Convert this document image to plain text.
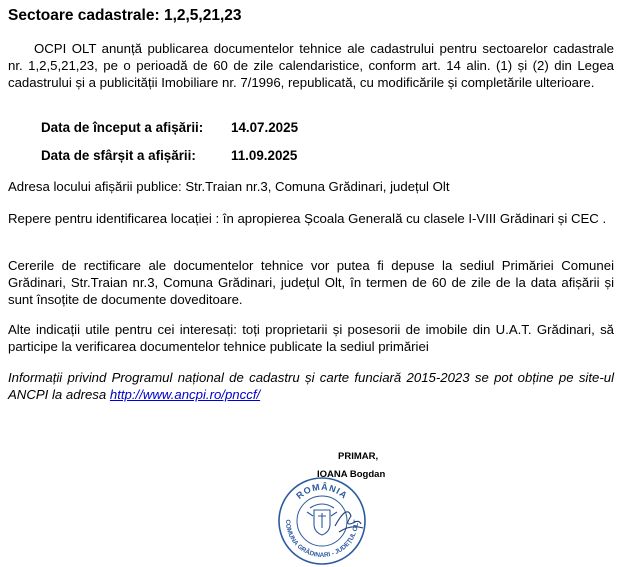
Sectoare cadastrale: 1,2,5,21,23

OCPI OLT anunță publicarea documentelor tehnice ale cadastrului pentru sectoarelor cadastrale nr. 1,2,5,21,23, pe o perioadă de 60 de zile calendaristice, conform art. 14 alin. (1) și (2) din Legea cadastrului și a publicității Imobiliare nr. 7/1996, republicată, cu modificările și completările ulterioare.

Data de început a afișării: 14.07.2025
Data de sfârșit a afișării:	11.09.2025

Adresa locului afișării publice: Str.Traian nr.3, Comuna Grădinari, județul Olt

Repere pentru identificarea locației : în apropierea Școala Generală cu clasele I-VIII Grădinari și CEC .

Cererile de rectificare ale documentelor tehnice vor putea fi depuse la sediul Primăriei Comunei Grădinari, Str.Traian nr.3, Comuna Grădinari, județul Olt, în termen de 60 de zile de la data afișării și sunt însoțite de documente doveditoare.

Alte indicații utile pentru cei interesați: toți proprietarii și posesorii de imobile din U.A.T. Grădinari, să participe la verificarea documentelor tehnice publicate la sediul primăriei

Informații privind Programul național de cadastru și carte funciară 2015-2023 se pot obține pe site-ul ANCPI la adresa http://www.ancpi.ro/pnccf/

PRIMAR,
IOANA Bogdan
ROMÂNIA
COMUNA GRĂDINARI - JUDEȚUL OLT
